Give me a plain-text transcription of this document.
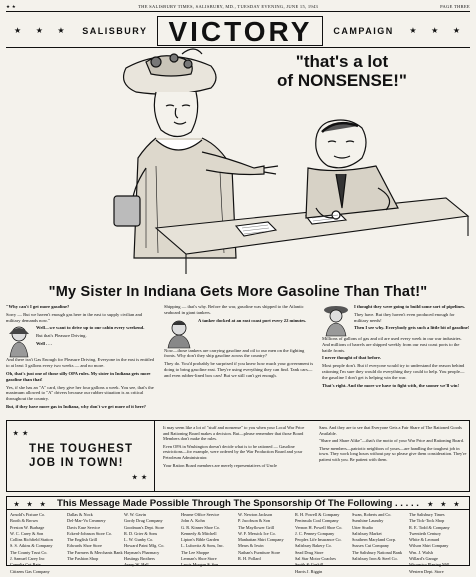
★ ★	THE SALISBURY TIMES, SALISBURY, MD., TUESDAY EVENING, JUNE 15, 1943	PAGE THREE
★ ★ ★ SALISBURY VICTORY	CAMPAIGN ★ ★ ★
"that's a lot
of NONSENSE!"
"My Sister In Indiana Gets More Gasoline Than That!"

"Why can't I get more gasoline?

Sorry — But we haven't enough gas here in the east to supply civilian and military demands now."

Well—we want to drive up to our cabin every weekend.

But that's Pleasure Driving.

Well . . .

And there isn't Gas Enough for Pleasure Driving. Everyone in the east is entitled to at least 3 gallons every two weeks — and no more.

Oh, that's just one of those silly OPA rules. My sister in Indiana gets more gasoline than that!

Yes, if she has an "A" card, they give her four gallons a week. You see, that's the maximum allowed to "A" drivers because our rubber situation is as critical throughout the country.

But, if they have more gas in Indiana, why don't we get more of it here?

Shipping — that's why. Before the war, gasoline was shipped to the Atlantic seaboard in giant tankers.

A tanker docked at an east coast port every 22 minutes.

Now—those tankers are carrying gasoline and oil to our men on the fighting fronts. Why don't they ship gasoline across the country?

They do. You'd probably be surprised if you knew how much your government is doing to bring gasoline east. They're using everything they can find. Tank cars—and even rubber-lined box cars! But we still can't get enough.

I thought they were going to build some sort of pipelines.

They have. But they haven't even produced enough for military needs!

Then I see why. Everybody gets such a little bit of gasoline!

Millions of gallons of gas and oil are used every week in our war industries. And millions of barrels are shipped weekly from our east coast ports to the battle fronts.

I never thought of that before.

Most people don't. But if everyone would try to understand the reason behind rationing I'm sure they would do everything they could to help. You people— the gasoline I don't get is helping win the war.

That's right. And the more we have to fight with, the sooner we'll win!

★ ★
THE TOUGHEST
JOB IN TOWN!
★ ★

It may seem like a lot of "stuff and nonsense" to you when your Local War Price and Rationing Board makes a decision. But—please remember that those Board Members don't make the rules.

Even OPA in Washington doesn't decide what is to be rationed — Gasoline restrictions—for example, were ordered by the War Production Board and your Petroleum Administrator.

Your Ration Board members are merely representatives of Uncle

Sam. And they are to see that Everyone Gets a Fair Share of The Rationed Goods Available.

"Share and Share Alike"—that's the motto of your War Price and Rationing Board.

These members—patriotic neighbors of yours—are handling the toughest job in town. They work long hours without pay so please give them consideration. They're patient with you. Be patient with them.

★ ★ ★ This Message Made Possible Through The Sponsorship Of The Following . . . . . ★ ★ ★
Arnold's Fixture Co.
Booth & Brown
Preston W. Burbage
W. C. Carey & Son
Collins Richfield Station
S. S. Atkins & Company
The County Trust Co.
J. Samuel Carey Inc
Camelia Cut Rate
Citizens Gas Company
Dallas & Nock
Del-Mar-Va Creamery
Davis Ease Service
Eckerd-Johnson Store Co.
The English Grill
Edwards Shoe Store
The Farmers & Merchants Bank
The Fashion Shop
W. W. Gavin
Gordy Drug Company
Goodman's Dept. Store
R. D. Grier & Sons
L. W. Gunby Co.
Howard Paint Mfg. Co.
Hayman's Pharmacy
Hastings Brothers
Avery W. Hall
Hearne Office Service
John A. Kohn
G. R. Kinner Shoe Co.
Kennedy & Mitchell
Lipton's Bible Garden
L. Lubovitz & Sons, Inc.
The Lee Shoppe
Lerman's Shoe Store
Lewis Morgan & Son
W. Newton Jackson
P. Jacobson & Son
The Mayflower Grill
W. F. Messick Ice Co.
Manhattan Shirt Company
Mears & Irwin
Nathan's Furniture Store
R. H. Pollard
R. H. Powell & Company
Peninsula Coal Company
Vernon H. Powell Shoe Co.
J. C. Penney Company
Peoples Life Insurance Co.
Salisbury Bakery Co.
Sead Drug Store
Sal Star Motor Coaches
Smith & Gaskill
Harris J. Riggin
Swan, Roberts and Co.
Sunshine Laundry
Utter Studio
Salisbury Market
Southern Maryland Corp.
Sussex Cut Company
The Salisbury National Bank
Salisbury Iron & Steel Co.
The Salisbury Times
The Tick-Tock Shop
R. E. Todd & Company
Twentieth Century
White & Leonard
Wilson Shirt Company
Wm. J. Walsh
Willard's Garage
Wicomico Planing Mill
Western Dept. Store
